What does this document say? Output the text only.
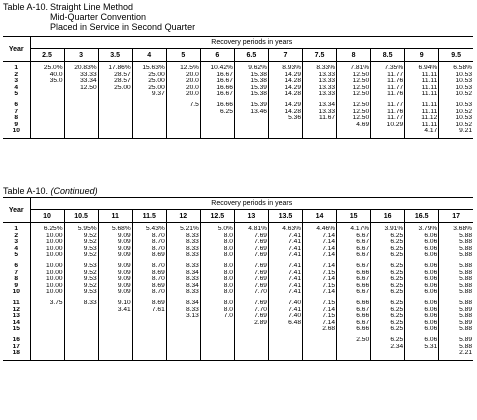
Table A-10. Straight Line Method
Mid-Quarter Convention
Placed in Service in Second Quarter
Year	Recovery periods in years												
	2.5	3	3.5	4	5	6	6.5	7	7.5	8	8.5	9	9.5

1	25.0%	20.83%	17.86%	15.63%	12.5%	10.42%	9.62%	8.93%	8.33%	7.81%	7.35%	6.94%	6.58%
2	40.0	33.33	28.57	25.00	20.0	16.67	15.38	14.29	13.33	12.50	11.77	11.11	10.53
3	35.0	33.34	28.57	25.00	20.0	16.67	15.38	14.28	13.33	12.50	11.76	11.11	10.53
4		12.50	25.00	25.00	20.0	16.66	15.39	14.29	13.33	12.50	11.77	11.11	10.53
5				9.37	20.0	16.67	15.38	14.28	13.33	12.50	11.76	11.11	10.52

6					7.5	16.66	15.39	14.29	13.34	12.50	11.77	11.11	10.53
7						6.25	13.46	14.28	13.33	12.50	11.76	11.11	10.52
8								5.36	11.67	12.50	11.77	11.12	10.53
9										4.69	10.29	11.11	10.52
10												4.17	9.21

Table A-10. (Continued)
Year	Recovery periods in years												
	10	10.5	11	11.5	12	12.5	13	13.5	14	15	16	16.5	17

1	6.25%	5.95%	5.68%	5.43%	5.21%	5.0%	4.81%	4.63%	4.46%	4.17%	3.91%	3.79%	3.68%
2	10.00	9.52	9.09	8.70	8.33	8.0	7.69	7.41	7.14	6.67	6.25	6.06	5.88
3	10.00	9.52	9.09	8.70	8.33	8.0	7.69	7.41	7.14	6.67	6.25	6.06	5.88
4	10.00	9.53	9.09	8.70	8.33	8.0	7.69	7.41	7.14	6.67	6.25	6.06	5.88
5	10.00	9.52	9.09	8.69	8.33	8.0	7.69	7.41	7.14	6.67	6.25	6.06	5.88

6	10.00	9.53	9.09	8.70	8.33	8.0	7.69	7.41	7.14	6.67	6.25	6.06	5.88
7	10.00	9.52	9.09	8.69	8.34	8.0	7.69	7.41	7.15	6.66	6.25	6.06	5.88
8	10.00	9.53	9.09	8.70	8.33	8.0	7.69	7.41	7.14	6.67	6.25	6.06	5.88
9	10.00	9.52	9.09	8.69	8.34	8.0	7.69	7.41	7.15	6.66	6.25	6.06	5.88
10	10.00	9.53	9.09	8.70	8.33	8.0	7.70	7.41	7.14	6.67	6.25	6.06	5.88

11	3.75	8.33	9.10	8.69	8.34	8.0	7.69	7.40	7.15	6.66	6.25	6.06	5.88
12			3.41	7.61	8.33	8.0	7.70	7.41	7.14	6.67	6.25	6.06	5.89
13					3.13	7.0	7.69	7.40	7.15	6.66	6.25	6.06	5.88
14							2.89	6.48	7.14	6.67	6.25	6.06	5.89
15									2.68	6.66	6.25	6.06	5.88

16										2.50	6.25	6.06	5.89
17											2.34	5.31	5.88
18													2.21
